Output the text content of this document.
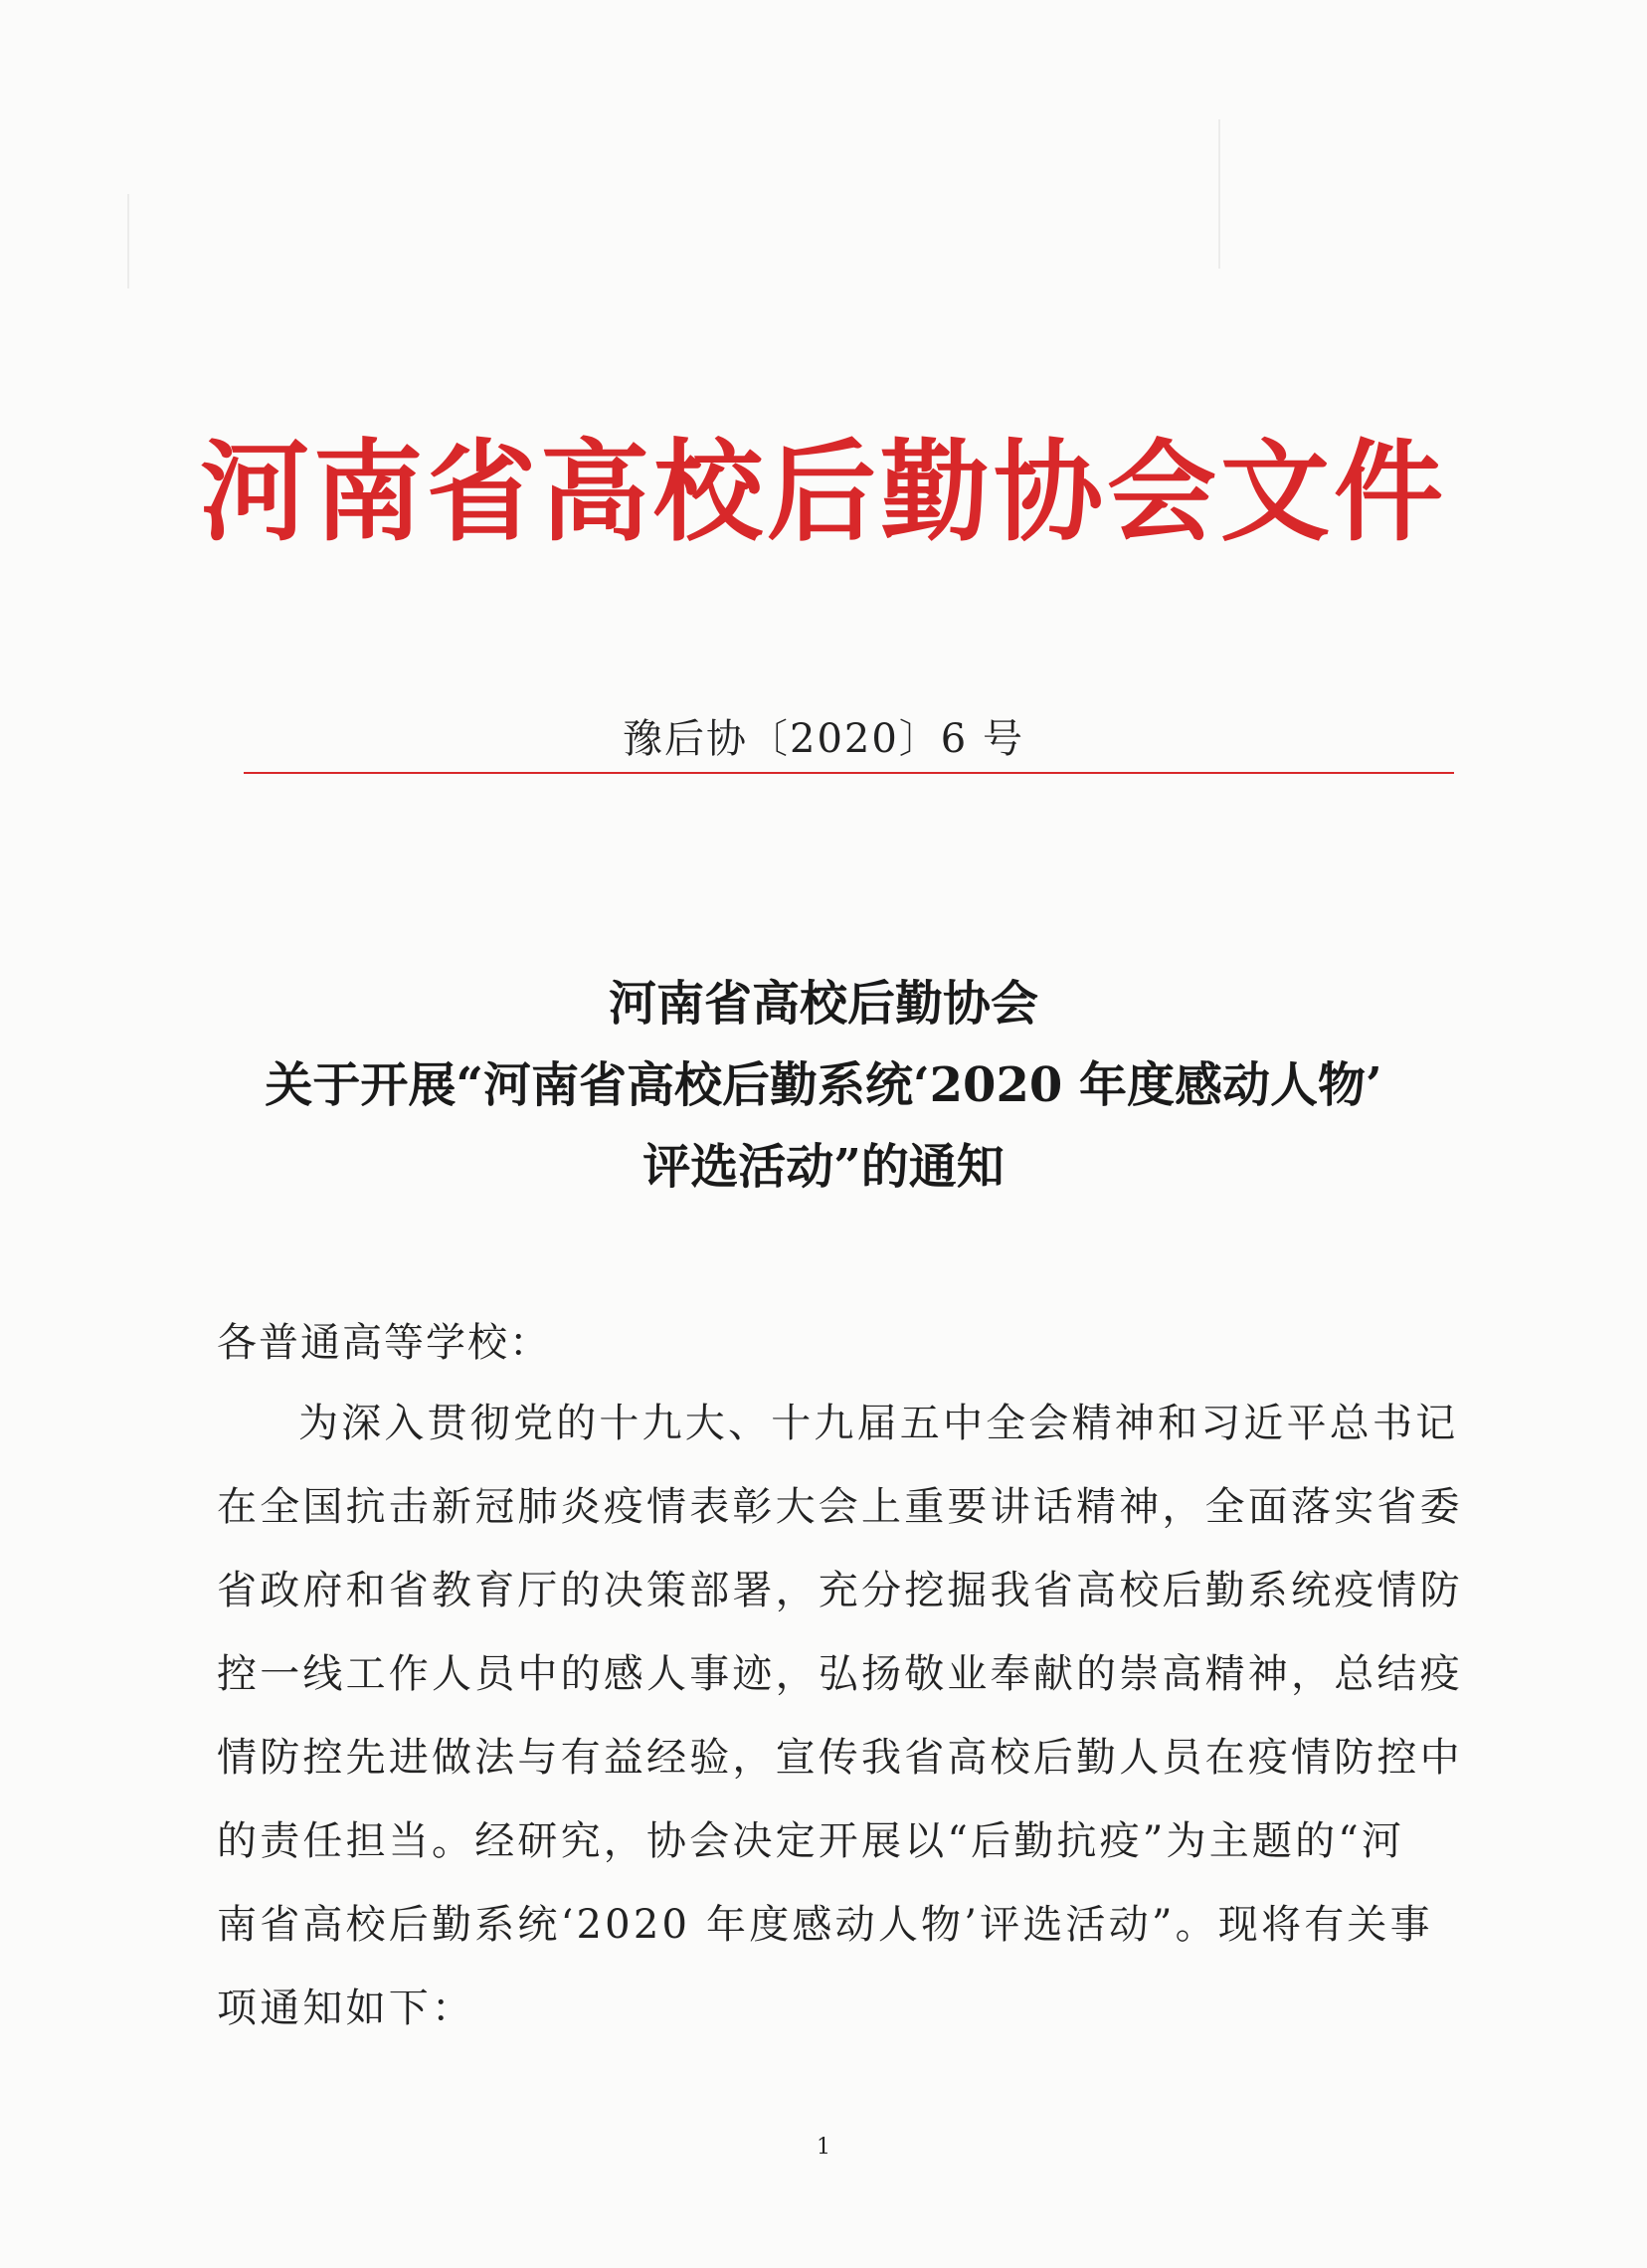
河南省高校后勤协会文件
豫后协〔2020〕6 号
河南省高校后勤协会
关于开展“河南省高校后勤系统‘2020 年度感动人物’
评选活动”的通知
各普通高等学校：
为深入贯彻党的十九大、十九届五中全会精神和习近平总书记
在全国抗击新冠肺炎疫情表彰大会上重要讲话精神，全面落实省委
省政府和省教育厅的决策部署，充分挖掘我省高校后勤系统疫情防
控一线工作人员中的感人事迹，弘扬敬业奉献的崇高精神，总结疫
情防控先进做法与有益经验，宣传我省高校后勤人员在疫情防控中
的责任担当。经研究，协会决定开展以“后勤抗疫”为主题的“河
南省高校后勤系统‘2020 年度感动人物’评选活动”。现将有关事
项通知如下：
1
